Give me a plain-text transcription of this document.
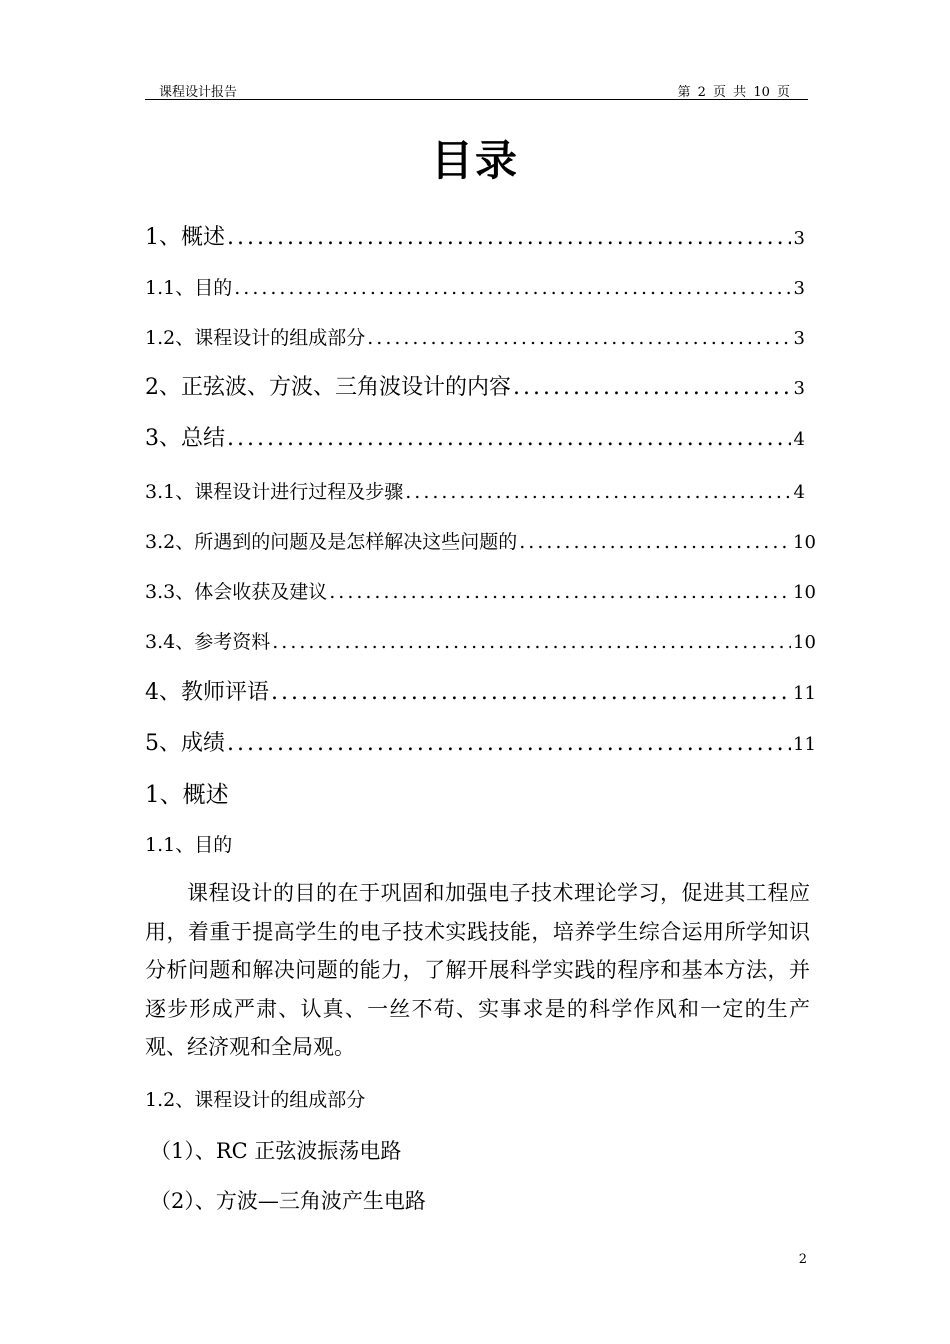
课程设计报告	第 2 页 共 10 页
目录
1、 概述 .....	3
1.1、 目的 .....	3
1.2、 课程设计的组成部分 .....	3
2、 正弦波、方波、三角波设计的内容 .....	3
3、 总结 .....	4
3.1、 课程设计进行过程及步骤 .....	4
3.2、 所遇到的问题及是怎样解决这些问题的 .....	10
3.3、 体会收获及建议 .....	10
3.4、 参考资料 .....	10
4、 教师评语 .....	11
5、 成绩 .....	11
1、概述
1.1、目的
课程设计的目的在于巩固和加强电子技术理论学习，促进其工程应用，着重于提高学生的电子技术实践技能，培养学生综合运用所学知识分析问题和解决问题的能力，了解开展科学实践的程序和基本方法，并逐步形成严肃、认真、一丝不苟、实事求是的科学作风和一定的生产观、经济观和全局观。
1.2、课程设计的组成部分
（1）、RC 正弦波振荡电路
（2）、方波—三角波产生电路
2
